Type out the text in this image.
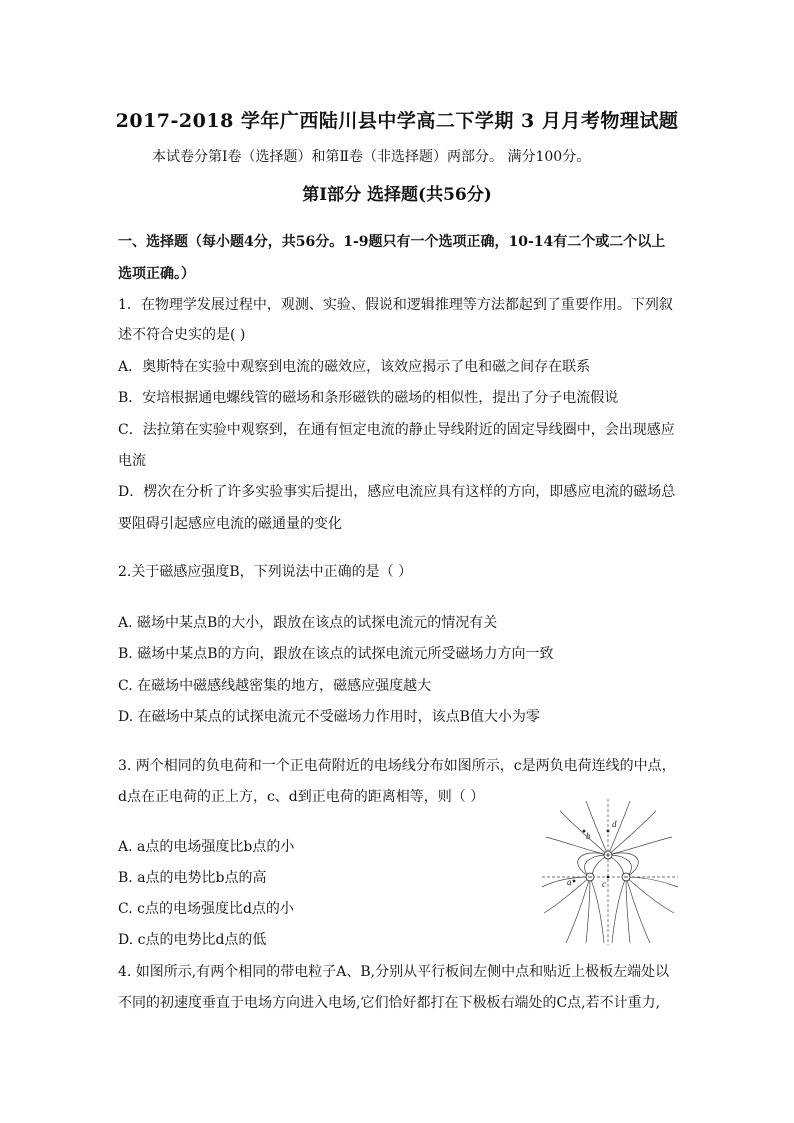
2017-2018 学年广西陆川县中学高二下学期 3 月月考物理试题
本试卷分第Ⅰ卷（选择题）和第Ⅱ卷（非选择题）两部分。 满分100分。
第Ⅰ部分 选择题(共56分)
一、选择题（每小题4分，共56分。1-9题只有一个选项正确，10-14有二个或二个以上
选项正确。）
1．在物理学发展过程中，观测、实验、假说和逻辑推理等方法都起到了重要作用。下列叙
述不符合史实的是( )
A．奥斯特在实验中观察到电流的磁效应，该效应揭示了电和磁之间存在联系
B．安培根据通电螺线管的磁场和条形磁铁的磁场的相似性，提出了分子电流假说
C．法拉第在实验中观察到，在通有恒定电流的静止导线附近的固定导线圈中，会出现感应
电流
D．楞次在分析了许多实验事实后提出，感应电流应具有这样的方向，即感应电流的磁场总
要阻碍引起感应电流的磁通量的变化
2.关于磁感应强度B，下列说法中正确的是（ ）
A. 磁场中某点B的大小，跟放在该点的试探电流元的情况有关
B. 磁场中某点B的方向，跟放在该点的试探电流元所受磁场力方向一致
C. 在磁场中磁感线越密集的地方，磁感应强度越大
D. 在磁场中某点的试探电流元不受磁场力作用时，该点B值大小为零
3. 两个相同的负电荷和一个正电荷附近的电场线分布如图所示，c是两负电荷连线的中点，
d点在正电荷的正上方，c、d到正电荷的距离相等，则（ ）
A. a点的电场强度比b点的小
B. a点的电势比b点的高
C. c点的电场强度比d点的小
D. c点的电势比d点的低
d
b
a	c
4. 如图所示,有两个相同的带电粒子A、B,分别从平行板间左侧中点和贴近上极板左端处以
不同的初速度垂直于电场方向进入电场,它们恰好都打在下极板右端处的C点,若不计重力,
